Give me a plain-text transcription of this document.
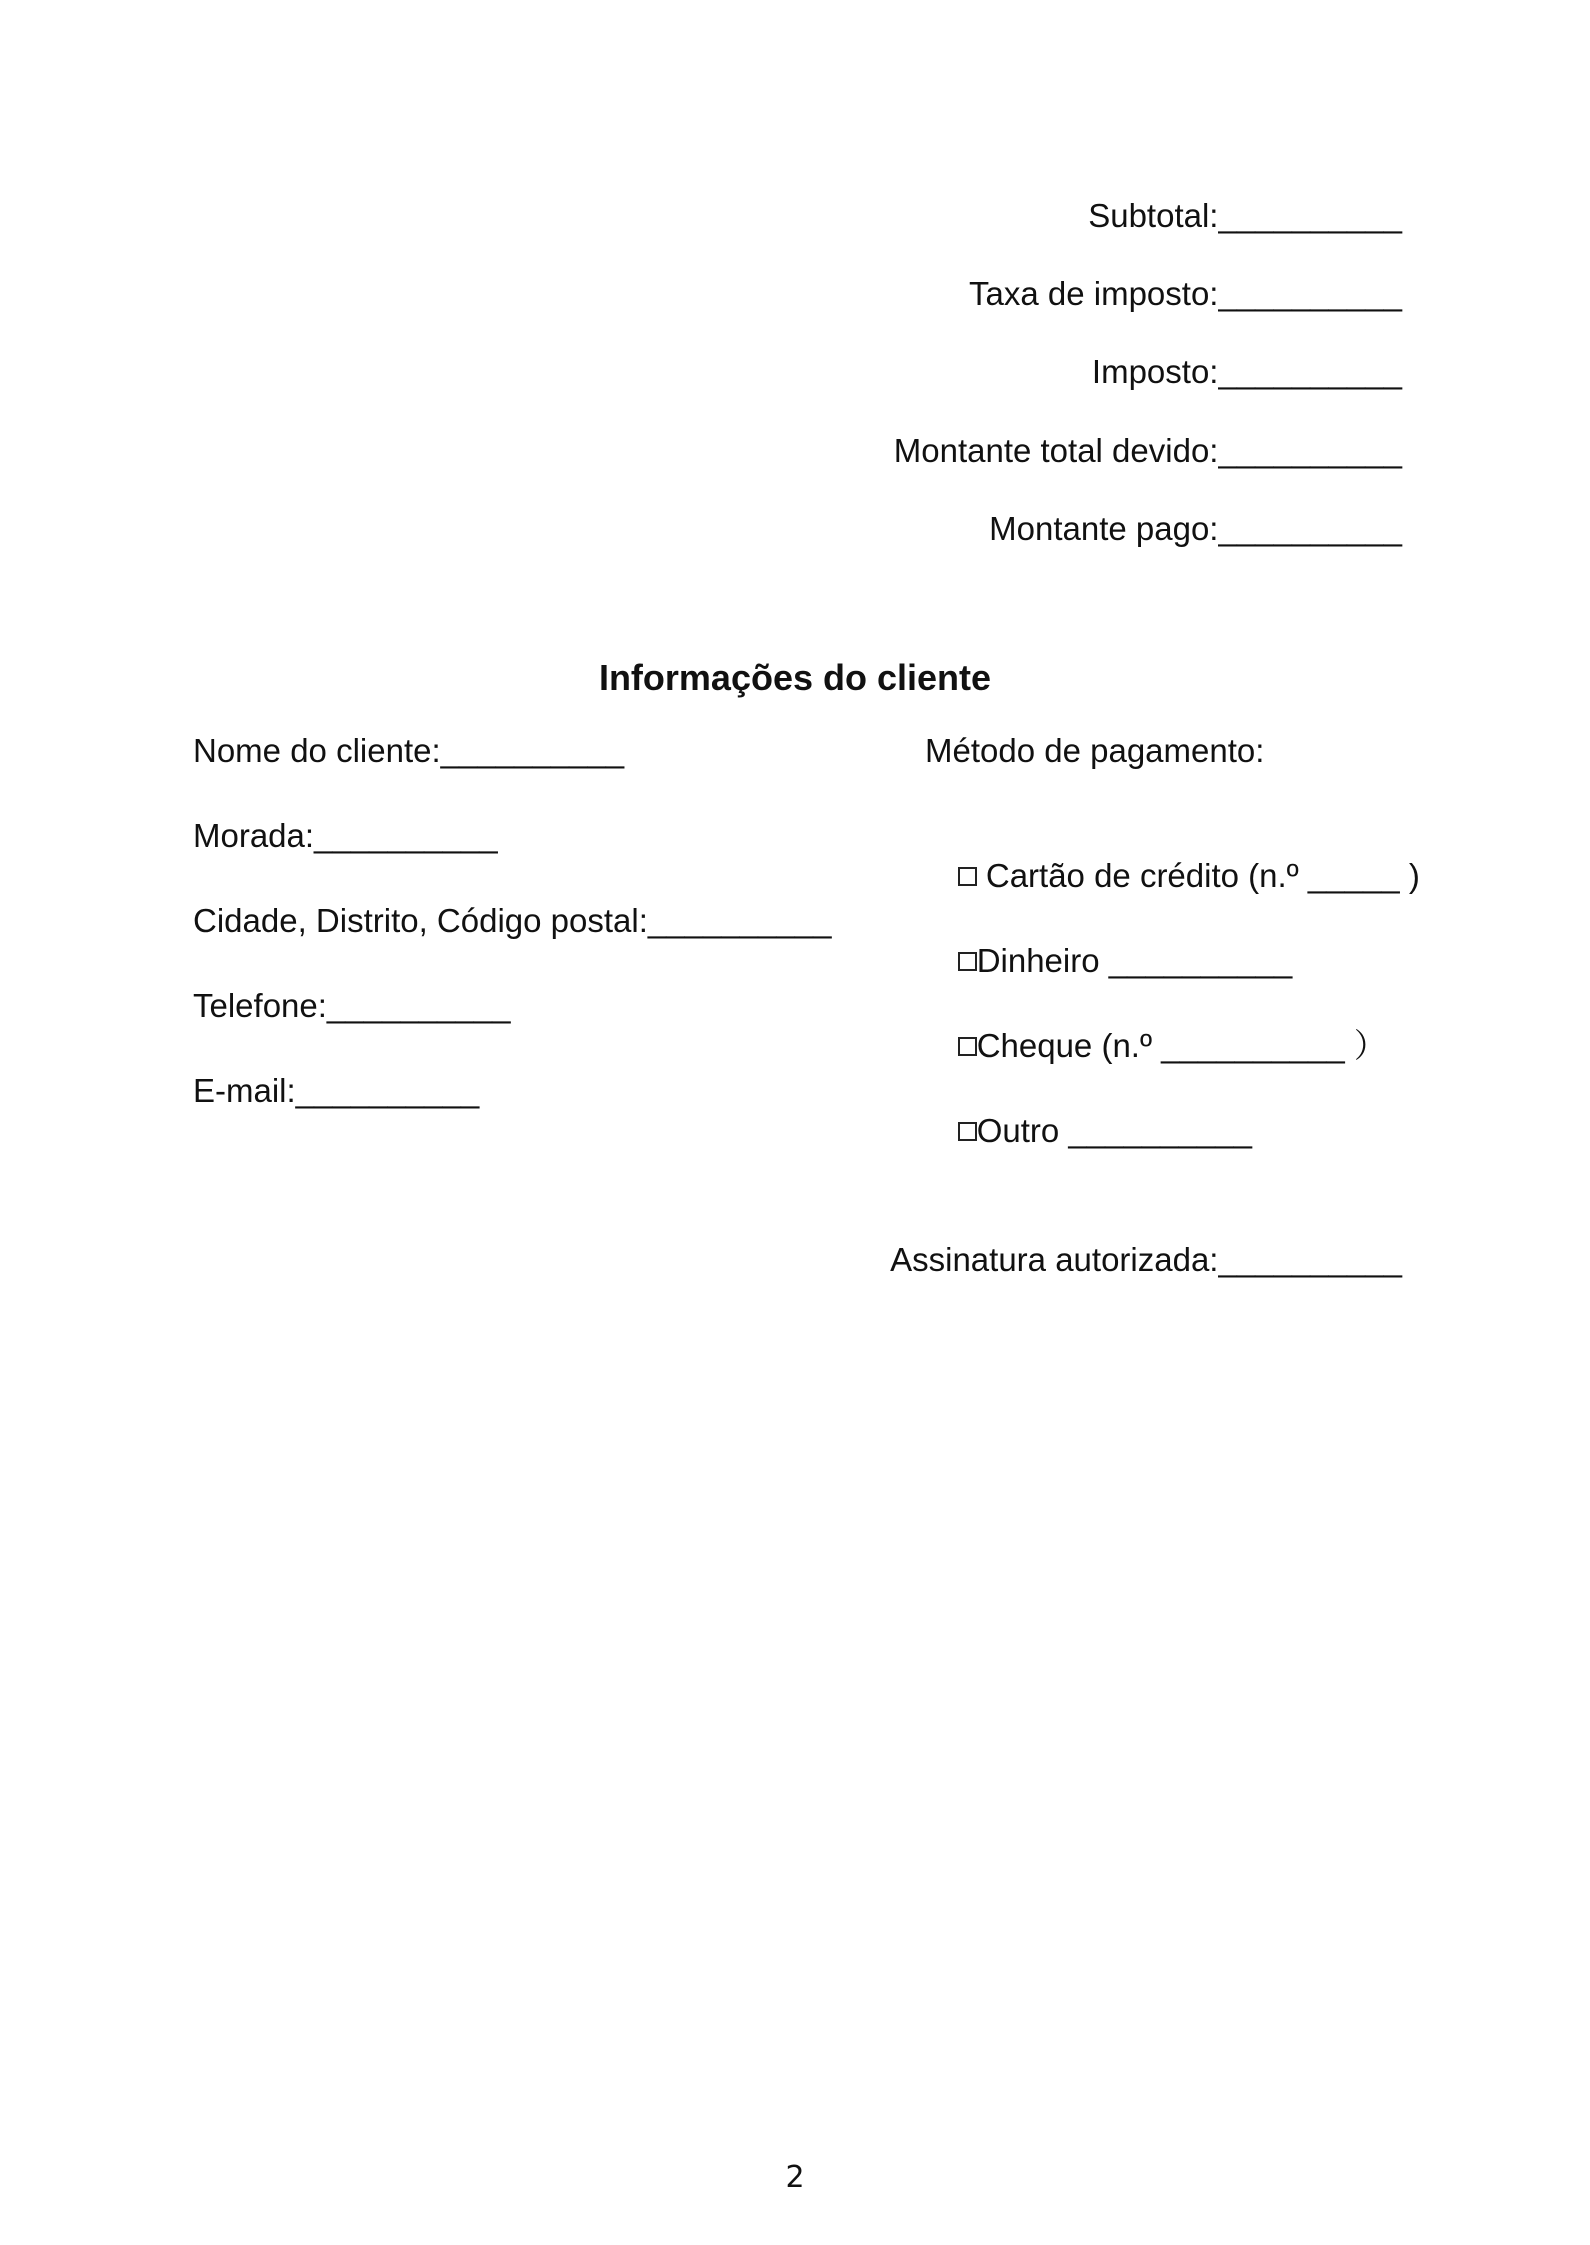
Subtotal:__________
Taxa de imposto:__________
Imposto:__________
Montante total devido:__________
Montante pago:__________
Informações do cliente
Nome do cliente:__________
Morada:__________
Cidade, Distrito, Código postal:__________
Telefone:__________
E-mail:__________
Método de pagamento:

Cartão de crédito (n.º _____ )

Dinheiro __________

Cheque (n.º __________ ）

Outro __________

Assinatura autorizada:__________
2
